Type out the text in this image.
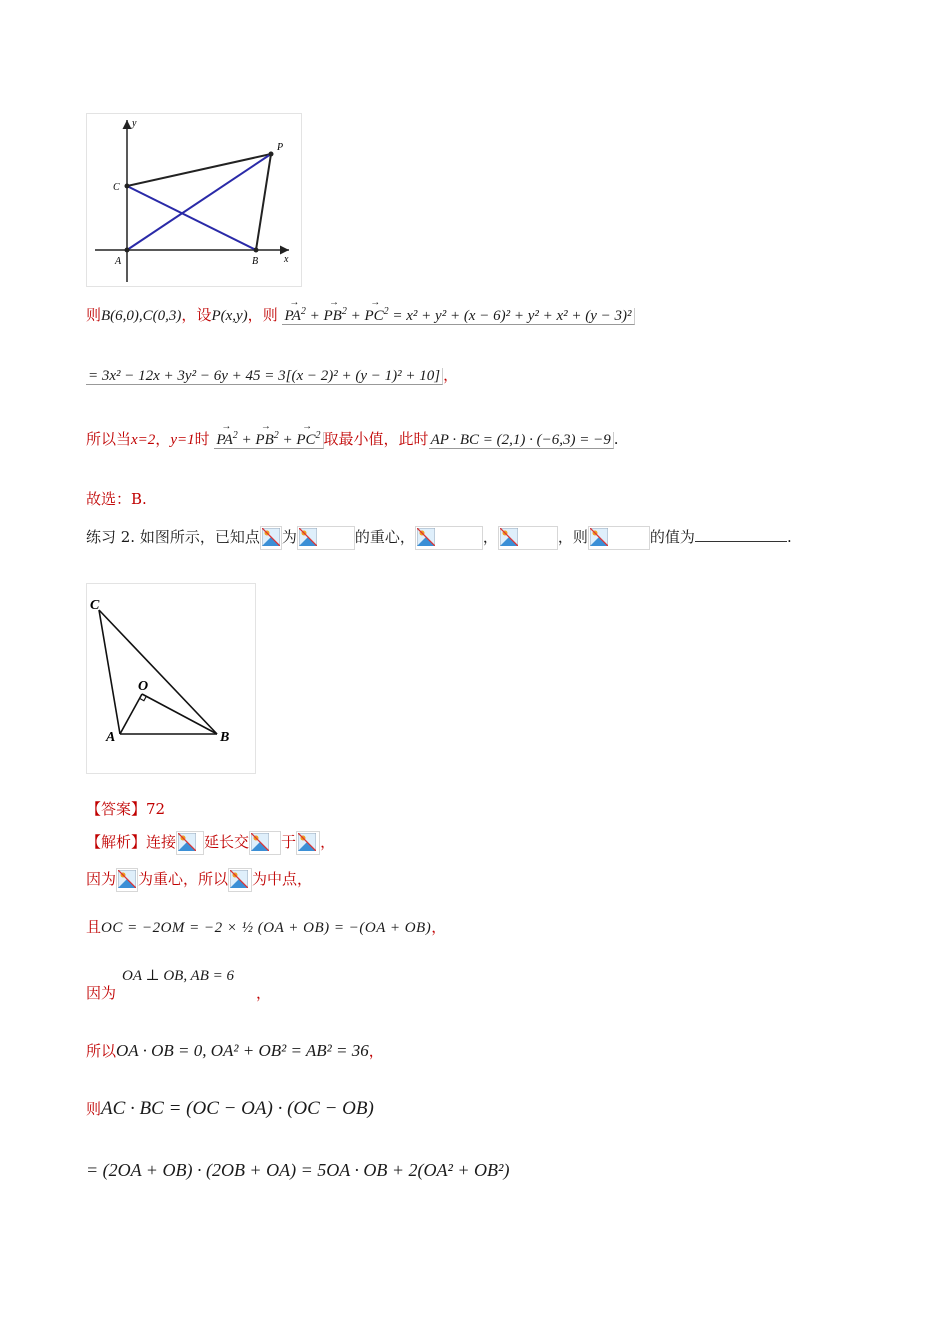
y
x
P
C
A	B
则B(6,0),C(0,3)，设P(x,y)，则 PA →$^2$ + PB →$^2$ + PC →$^2$ = x² + y² + (x − 6)² + y² + x² + (y − 3)²
= 3x² − 12x + 3y² − 6y + 45 = 3[(x − 2)² + (y − 1)² + 10] ，
所以当x=2，y=1时 PA →$^2$ + PB →$^2$ + PC →$^2$ 取最小值，此时 AP · BC = (2,1) · (−6,3) = −9 .
故选：B.
练习 2. 如图所示，已知点 为	的重心，	，	，则	的值为	.
C
O
A	B
【答案】72
【解析】连接 延长交 于 ，
因为 为重心，所以 为中点，
且OC = −2OM = −2 × ½ (OA + OB) = −(OA + OB)，
OA ⊥ OB, AB = 6
因为	，
所以OA · OB = 0, OA² + OB² = AB² = 36，
则AC · BC = (OC − OA) · (OC − OB)
= (2OA + OB) · (2OB + OA) = 5OA · OB + 2(OA² + OB²)
